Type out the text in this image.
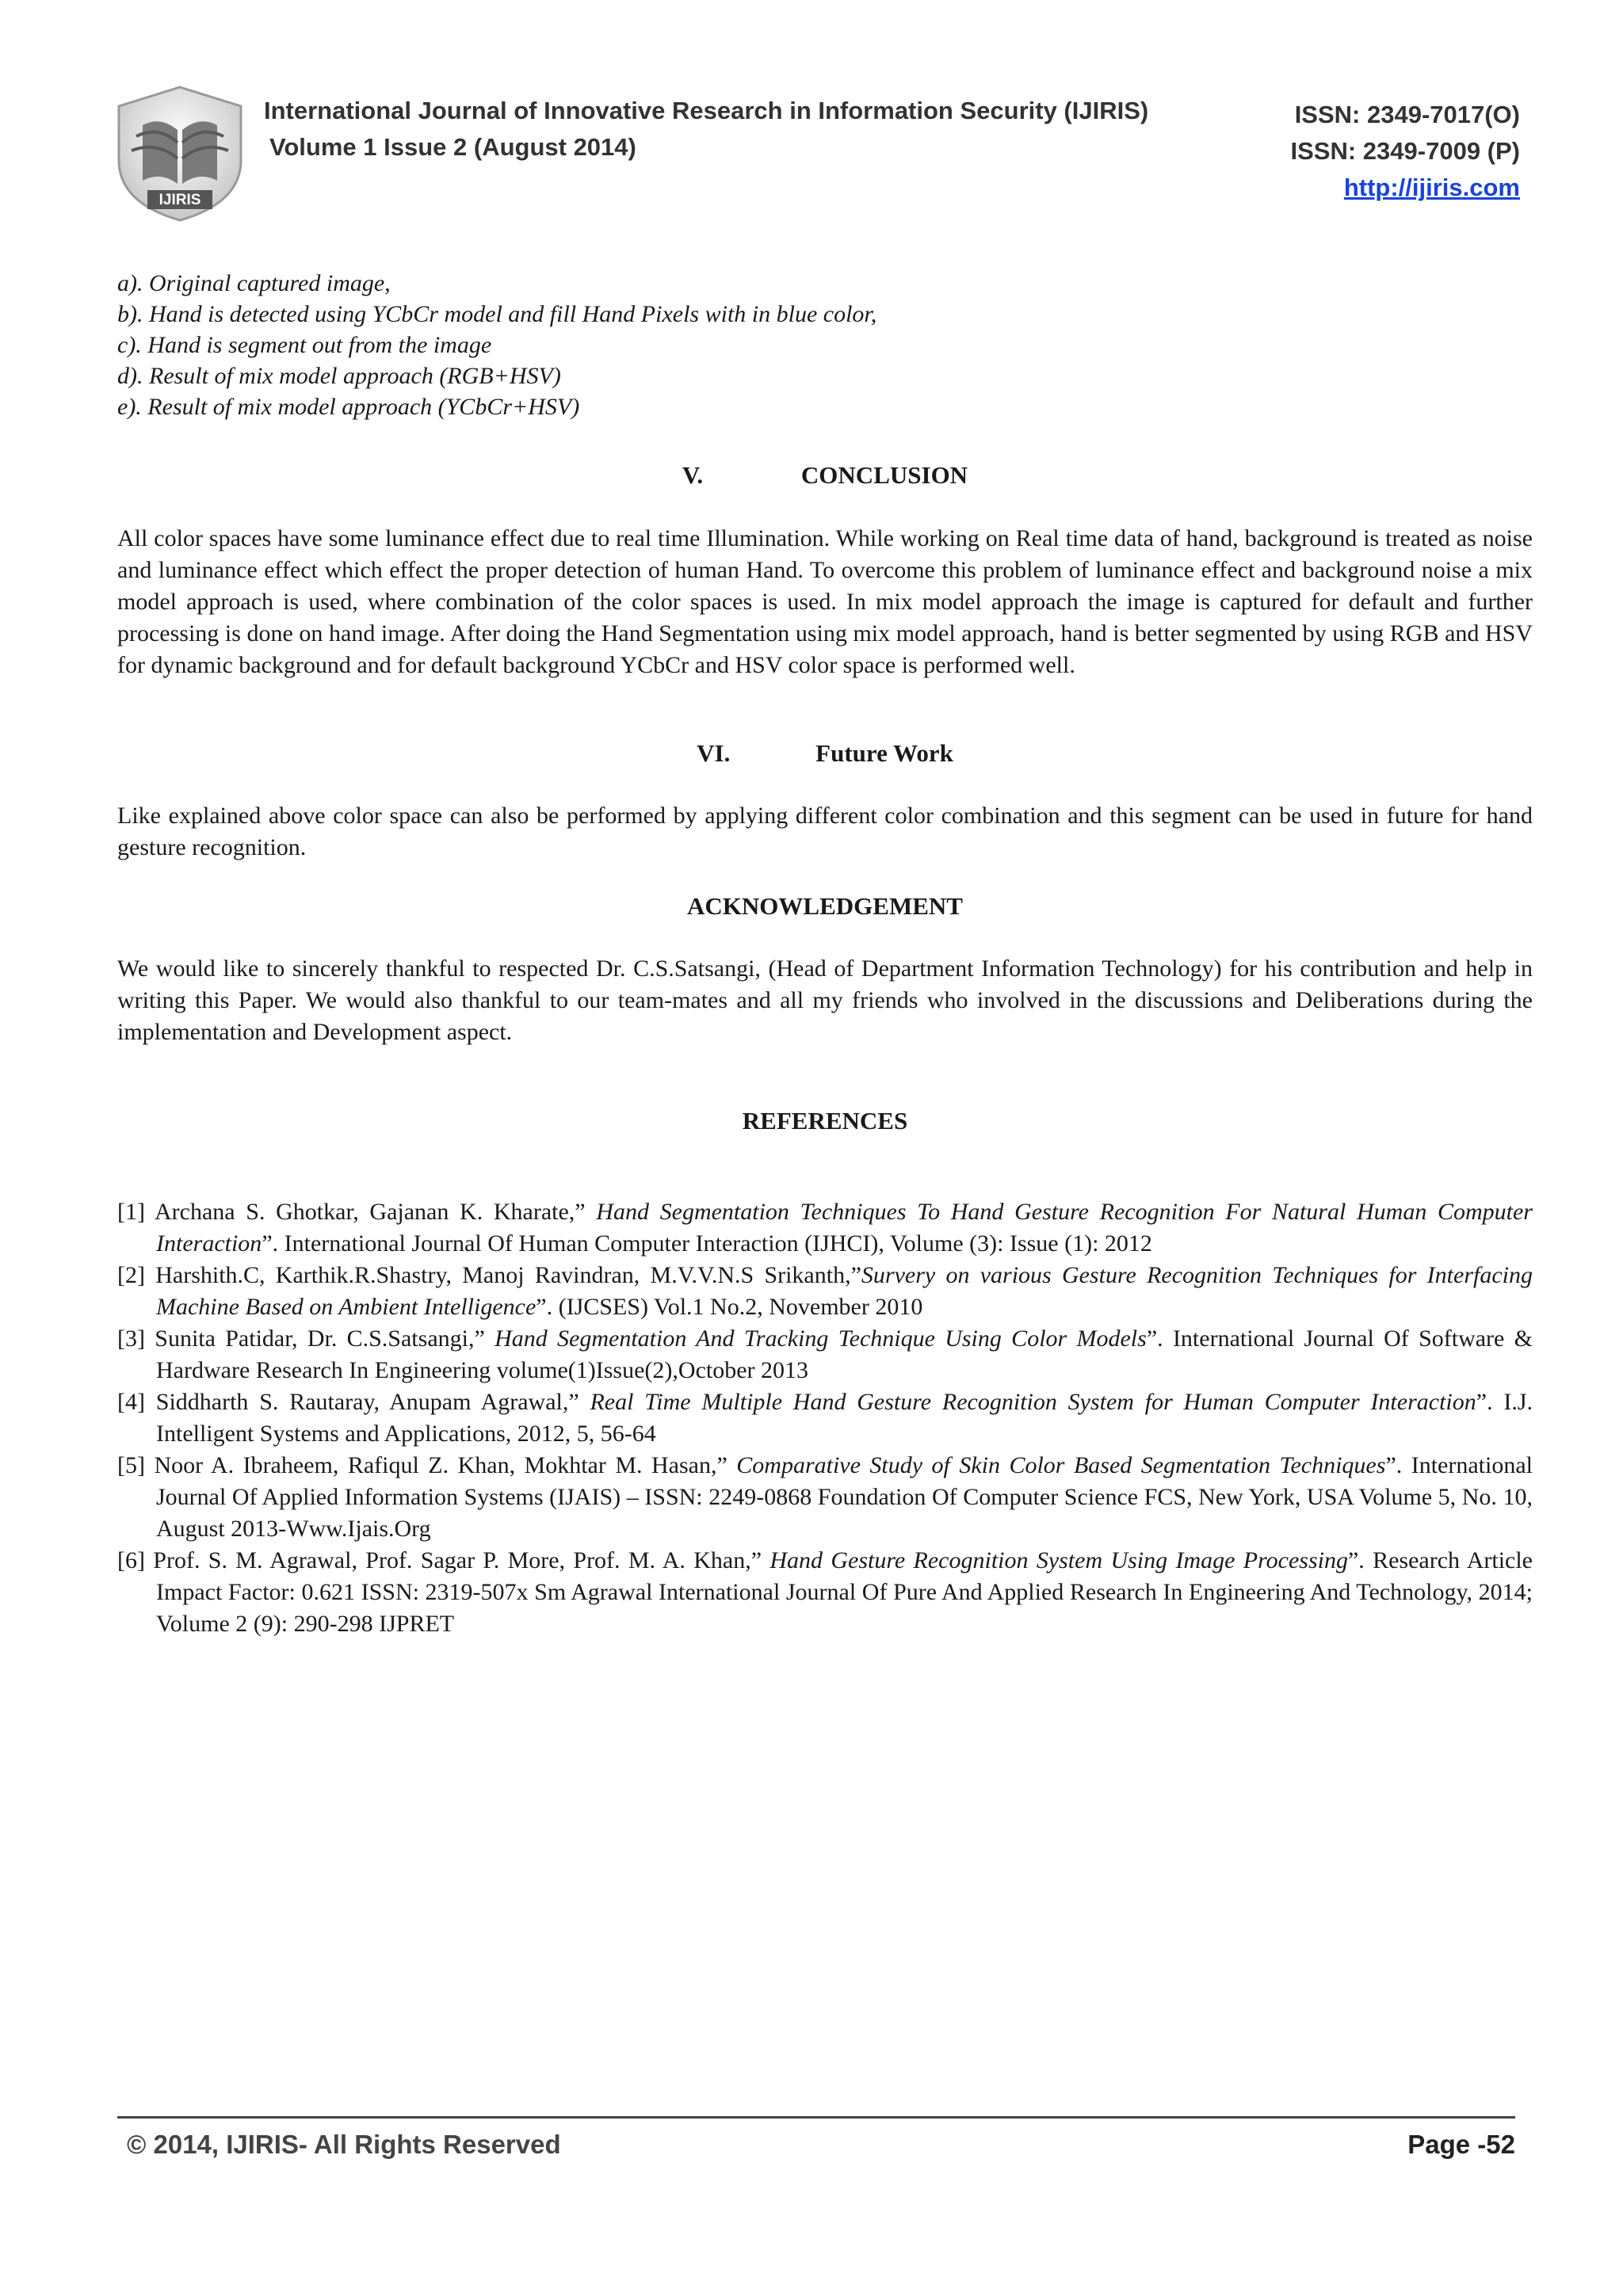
IJIRIS
International Journal of Innovative Research in Information Security (IJIRIS)
Volume 1 Issue 2 (August 2014)
ISSN: 2349-7017(O)
ISSN: 2349-7009 (P)
http://ijiris.com
a). Original captured image,
b). Hand is detected using YCbCr model and fill Hand Pixels with in blue color,
c). Hand is segment out from the image
d). Result of mix model approach (RGB+HSV)
e). Result of mix model approach (YCbCr+HSV)
V.	CONCLUSION

All color spaces have some luminance effect due to real time Illumination. While working on Real time data of hand, background is treated as noise and luminance effect which effect the proper detection of human Hand. To overcome this problem of luminance effect and background noise a mix model approach is used, where combination of the color spaces is used. In mix model approach the image is captured for default and further processing is done on hand image. After doing the Hand Segmentation using mix model approach, hand is better segmented by using RGB and HSV for dynamic background and for default background YCbCr and HSV color space is performed well.

VI.	Future Work

Like explained above color space can also be performed by applying different color combination and this segment can be used in future for hand gesture recognition.

ACKNOWLEDGEMENT

We would like to sincerely thankful to respected Dr. C.S.Satsangi, (Head of Department Information Technology) for his contribution and help in writing this Paper. We would also thankful to our team-mates and all my friends who involved in the discussions and Deliberations during the implementation and Development aspect.

REFERENCES

[1] Archana S. Ghotkar, Gajanan K. Kharate,” Hand Segmentation Techniques To Hand Gesture Recognition For Natural Human Computer Interaction”. International Journal Of Human Computer Interaction (IJHCI), Volume (3): Issue (1): 2012

[2] Harshith.C, Karthik.R.Shastry, Manoj Ravindran, M.V.V.N.S Srikanth,”Survery on various Gesture Recognition Techniques for Interfacing Machine Based on Ambient Intelligence”. (IJCSES) Vol.1 No.2, November 2010

[3] Sunita Patidar, Dr. C.S.Satsangi,” Hand Segmentation And Tracking Technique Using Color Models”. International Journal Of Software & Hardware Research In Engineering volume(1)Issue(2),October 2013

[4] Siddharth S. Rautaray, Anupam Agrawal,” Real Time Multiple Hand Gesture Recognition System for Human Computer Interaction”. I.J. Intelligent Systems and Applications, 2012, 5, 56-64

[5] Noor A. Ibraheem, Rafiqul Z. Khan, Mokhtar M. Hasan,” Comparative Study of Skin Color Based Segmentation Techniques”. International Journal Of Applied Information Systems (IJAIS) – ISSN: 2249-0868 Foundation Of Computer Science FCS, New York, USA Volume 5, No. 10, August 2013-Www.Ijais.Org

[6] Prof. S. M. Agrawal, Prof. Sagar P. More, Prof. M. A. Khan,” Hand Gesture Recognition System Using Image Processing”. Research Article Impact Factor: 0.621 ISSN: 2319-507x Sm Agrawal International Journal Of Pure And Applied Research In Engineering And Technology, 2014; Volume 2 (9): 290-298 IJPRET

© 2014, IJIRIS- All Rights Reserved	Page -52
